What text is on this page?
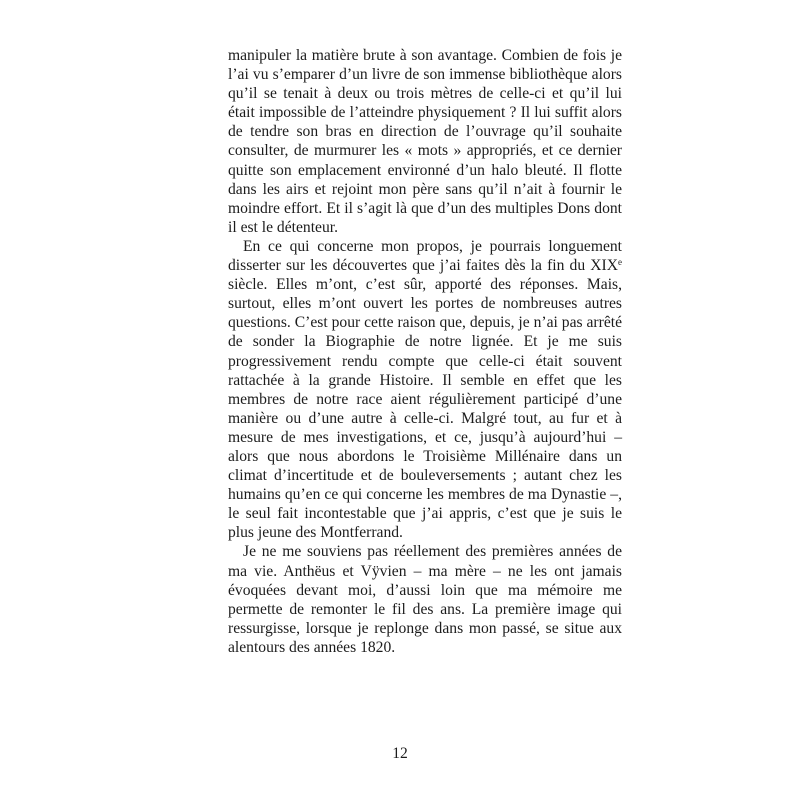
manipuler la matière brute à son avantage. Combien de fois je l’ai vu s’emparer d’un livre de son immense bibliothèque alors qu’il se tenait à deux ou trois mètres de celle-ci et qu’il lui était impossible de l’atteindre physiquement ? Il lui suffit alors de tendre son bras en direction de l’ouvrage qu’il souhaite consulter, de murmurer les « mots » appropriés, et ce dernier quitte son emplacement environné d’un halo bleuté. Il flotte dans les airs et rejoint mon père sans qu’il n’ait à fournir le moindre effort. Et il s’agit là que d’un des multiples Dons dont il est le détenteur.

En ce qui concerne mon propos, je pourrais longuement disserter sur les découvertes que j’ai faites dès la fin du XIXe siècle. Elles m’ont, c’est sûr, apporté des réponses. Mais, surtout, elles m’ont ouvert les portes de nombreuses autres questions. C’est pour cette raison que, depuis, je n’ai pas arrêté de sonder la Biographie de notre lignée. Et je me suis progressivement rendu compte que celle-ci était souvent rattachée à la grande Histoire. Il semble en effet que les membres de notre race aient régulièrement participé d’une manière ou d’une autre à celle-ci. Malgré tout, au fur et à mesure de mes investigations, et ce, jusqu’à aujourd’hui – alors que nous abordons le Troisième Millénaire dans un climat d’incertitude et de bouleversements ; autant chez les humains qu’en ce qui concerne les membres de ma Dynastie –, le seul fait incontestable que j’ai appris, c’est que je suis le plus jeune des Montferrand.

Je ne me souviens pas réellement des premières années de ma vie. Anthëus et Vÿvien – ma mère – ne les ont jamais évoquées devant moi, d’aussi loin que ma mémoire me permette de remonter le fil des ans. La première image qui ressurgisse, lorsque je replonge dans mon passé, se situe aux alentours des années 1820.

12
